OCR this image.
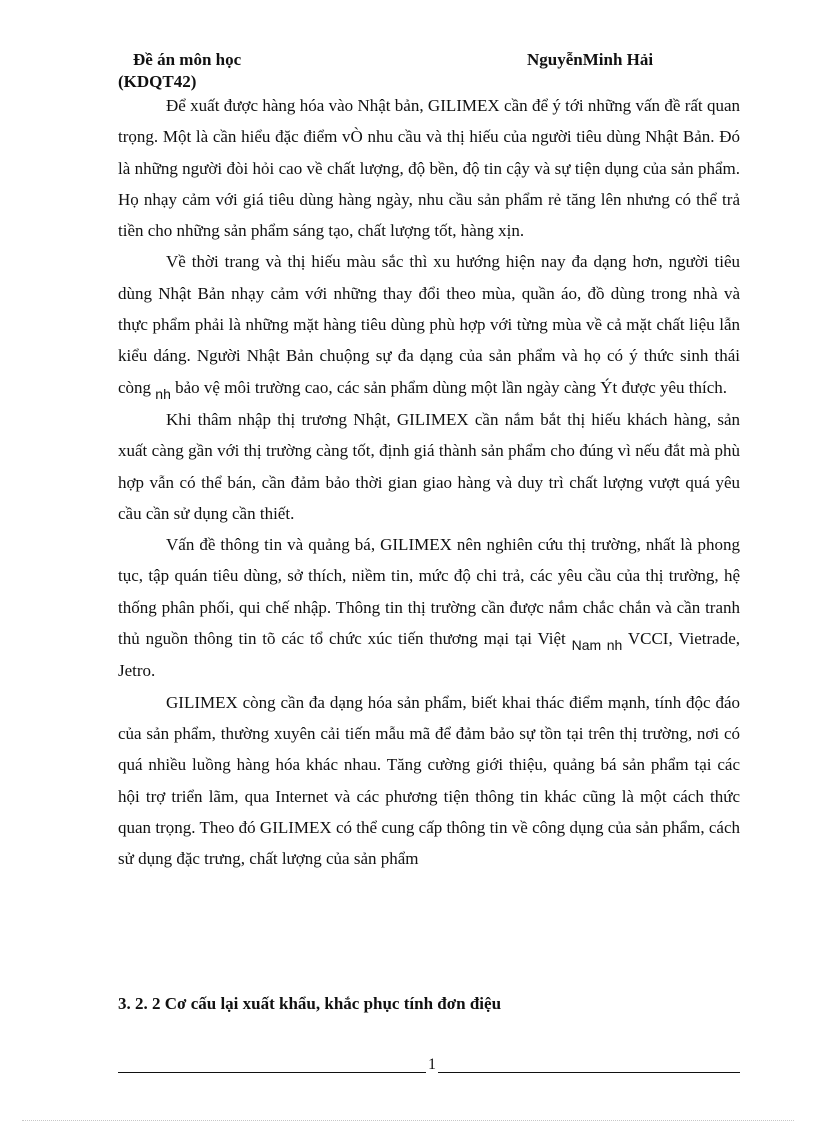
Đề án môn học
(KDQT42)
NguyễnMinh Hải

Để xuất được hàng hóa vào Nhật bản, GILIMEX cần để ý tới những vấn đề rất quan trọng. Một là cần hiểu đặc điểm vÒ nhu cầu và thị hiếu của người tiêu dùng Nhật Bản. Đó là những người đòi hỏi cao về chất lượng, độ bền, độ tin cậy và sự tiện dụng của sản phẩm. Họ nhạy cảm với giá tiêu dùng hàng ngày, nhu cầu sản phẩm rẻ tăng lên nhưng có thể trả tiền cho những sản phẩm sáng tạo, chất lượng tốt, hàng xịn.

Về thời trang và thị hiếu màu sắc thì xu hướng hiện nay đa dạng hơn, người tiêu dùng Nhật Bản nhạy cảm với những thay đổi theo mùa, quần áo, đồ dùng trong nhà và thực phẩm phải là những mặt hàng tiêu dùng phù hợp với từng mùa về cả mặt chất liệu lẫn kiểu dáng. Người Nhật Bản chuộng sự đa dạng của sản phẩm và họ có ý thức sinh thái còng $_{nh}$ bảo vệ môi trường cao, các sản phẩm dùng một lần ngày càng Ýt được yêu thích.

Khi thâm nhập thị trương Nhật, GILIMEX cần nắm bắt thị hiếu khách hàng, sản xuất càng gần với thị trường càng tốt, định giá thành sản phẩm cho đúng vì nếu đắt mà phù hợp vẫn có thể bán, cần đảm bảo thời gian giao hàng và duy trì chất lượng vượt quá yêu cầu cần sử dụng cần thiết.

Vấn đề thông tin và quảng bá, GILIMEX nên nghiên cứu thị trường, nhất là phong tục, tập quán tiêu dùng, sở thích, niềm tin, mức độ chi trả, các yêu cầu của thị trường, hệ thống phân phối, qui chế nhập. Thông tin thị trường cần được nắm chắc chắn và cần tranh thủ nguồn thông tin tõ các tổ chức xúc tiến thương mại tại Việt $_{Nam nh}$ VCCI, Vietrade, Jetro.

GILIMEX còng cần đa dạng hóa sản phẩm, biết khai thác điểm mạnh, tính độc đáo của sản phẩm, thường xuyên cải tiến mẫu mã để đảm bảo sự tồn tại trên thị trường, nơi có quá nhiều luồng hàng hóa khác nhau. Tăng cường giới thiệu, quảng bá sản phẩm tại các hội trợ triển lãm, qua Internet và các phương tiện thông tin khác cũng là một cách thức quan trọng. Theo đó GILIMEX có thể cung cấp thông tin về công dụng của sản phẩm, cách sử dụng đặc trưng, chất lượng của sản phẩm

3. 2. 2 Cơ cấu lại xuất khẩu, khắc phục tính đơn điệu
1
